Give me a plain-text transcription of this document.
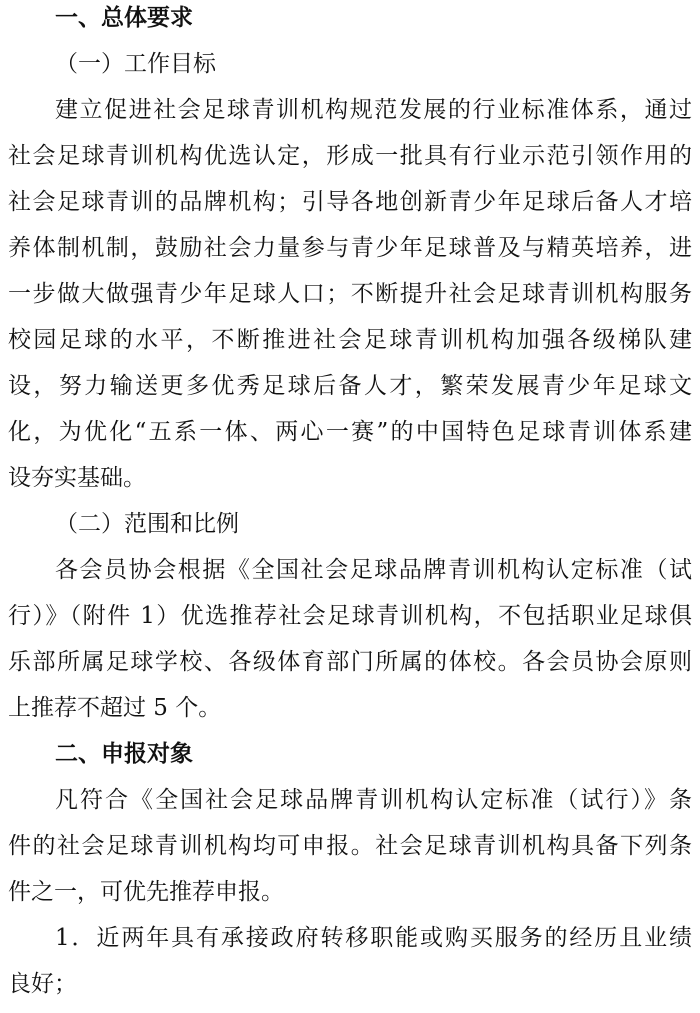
一、总体要求
（一）工作目标
建立促进社会足球青训机构规范发展的行业标准体系，通过
社会足球青训机构优选认定，形成一批具有行业示范引领作用的
社会足球青训的品牌机构；引导各地创新青少年足球后备人才培
养体制机制，鼓励社会力量参与青少年足球普及与精英培养，进
一步做大做强青少年足球人口；不断提升社会足球青训机构服务
校园足球的水平，不断推进社会足球青训机构加强各级梯队建
设，努力输送更多优秀足球后备人才，繁荣发展青少年足球文
化，为优化“五系一体、两心一赛”的中国特色足球青训体系建
设夯实基础。
（二）范围和比例
各会员协会根据《全国社会足球品牌青训机构认定标准（试
行）》（附件 1）优选推荐社会足球青训机构，不包括职业足球俱
乐部所属足球学校、各级体育部门所属的体校。各会员协会原则
上推荐不超过 5 个。
二、申报对象
凡符合《全国社会足球品牌青训机构认定标准（试行）》条
件的社会足球青训机构均可申报。社会足球青训机构具备下列条
件之一，可优先推荐申报。
1．近两年具有承接政府转移职能或购买服务的经历且业绩
良好；
